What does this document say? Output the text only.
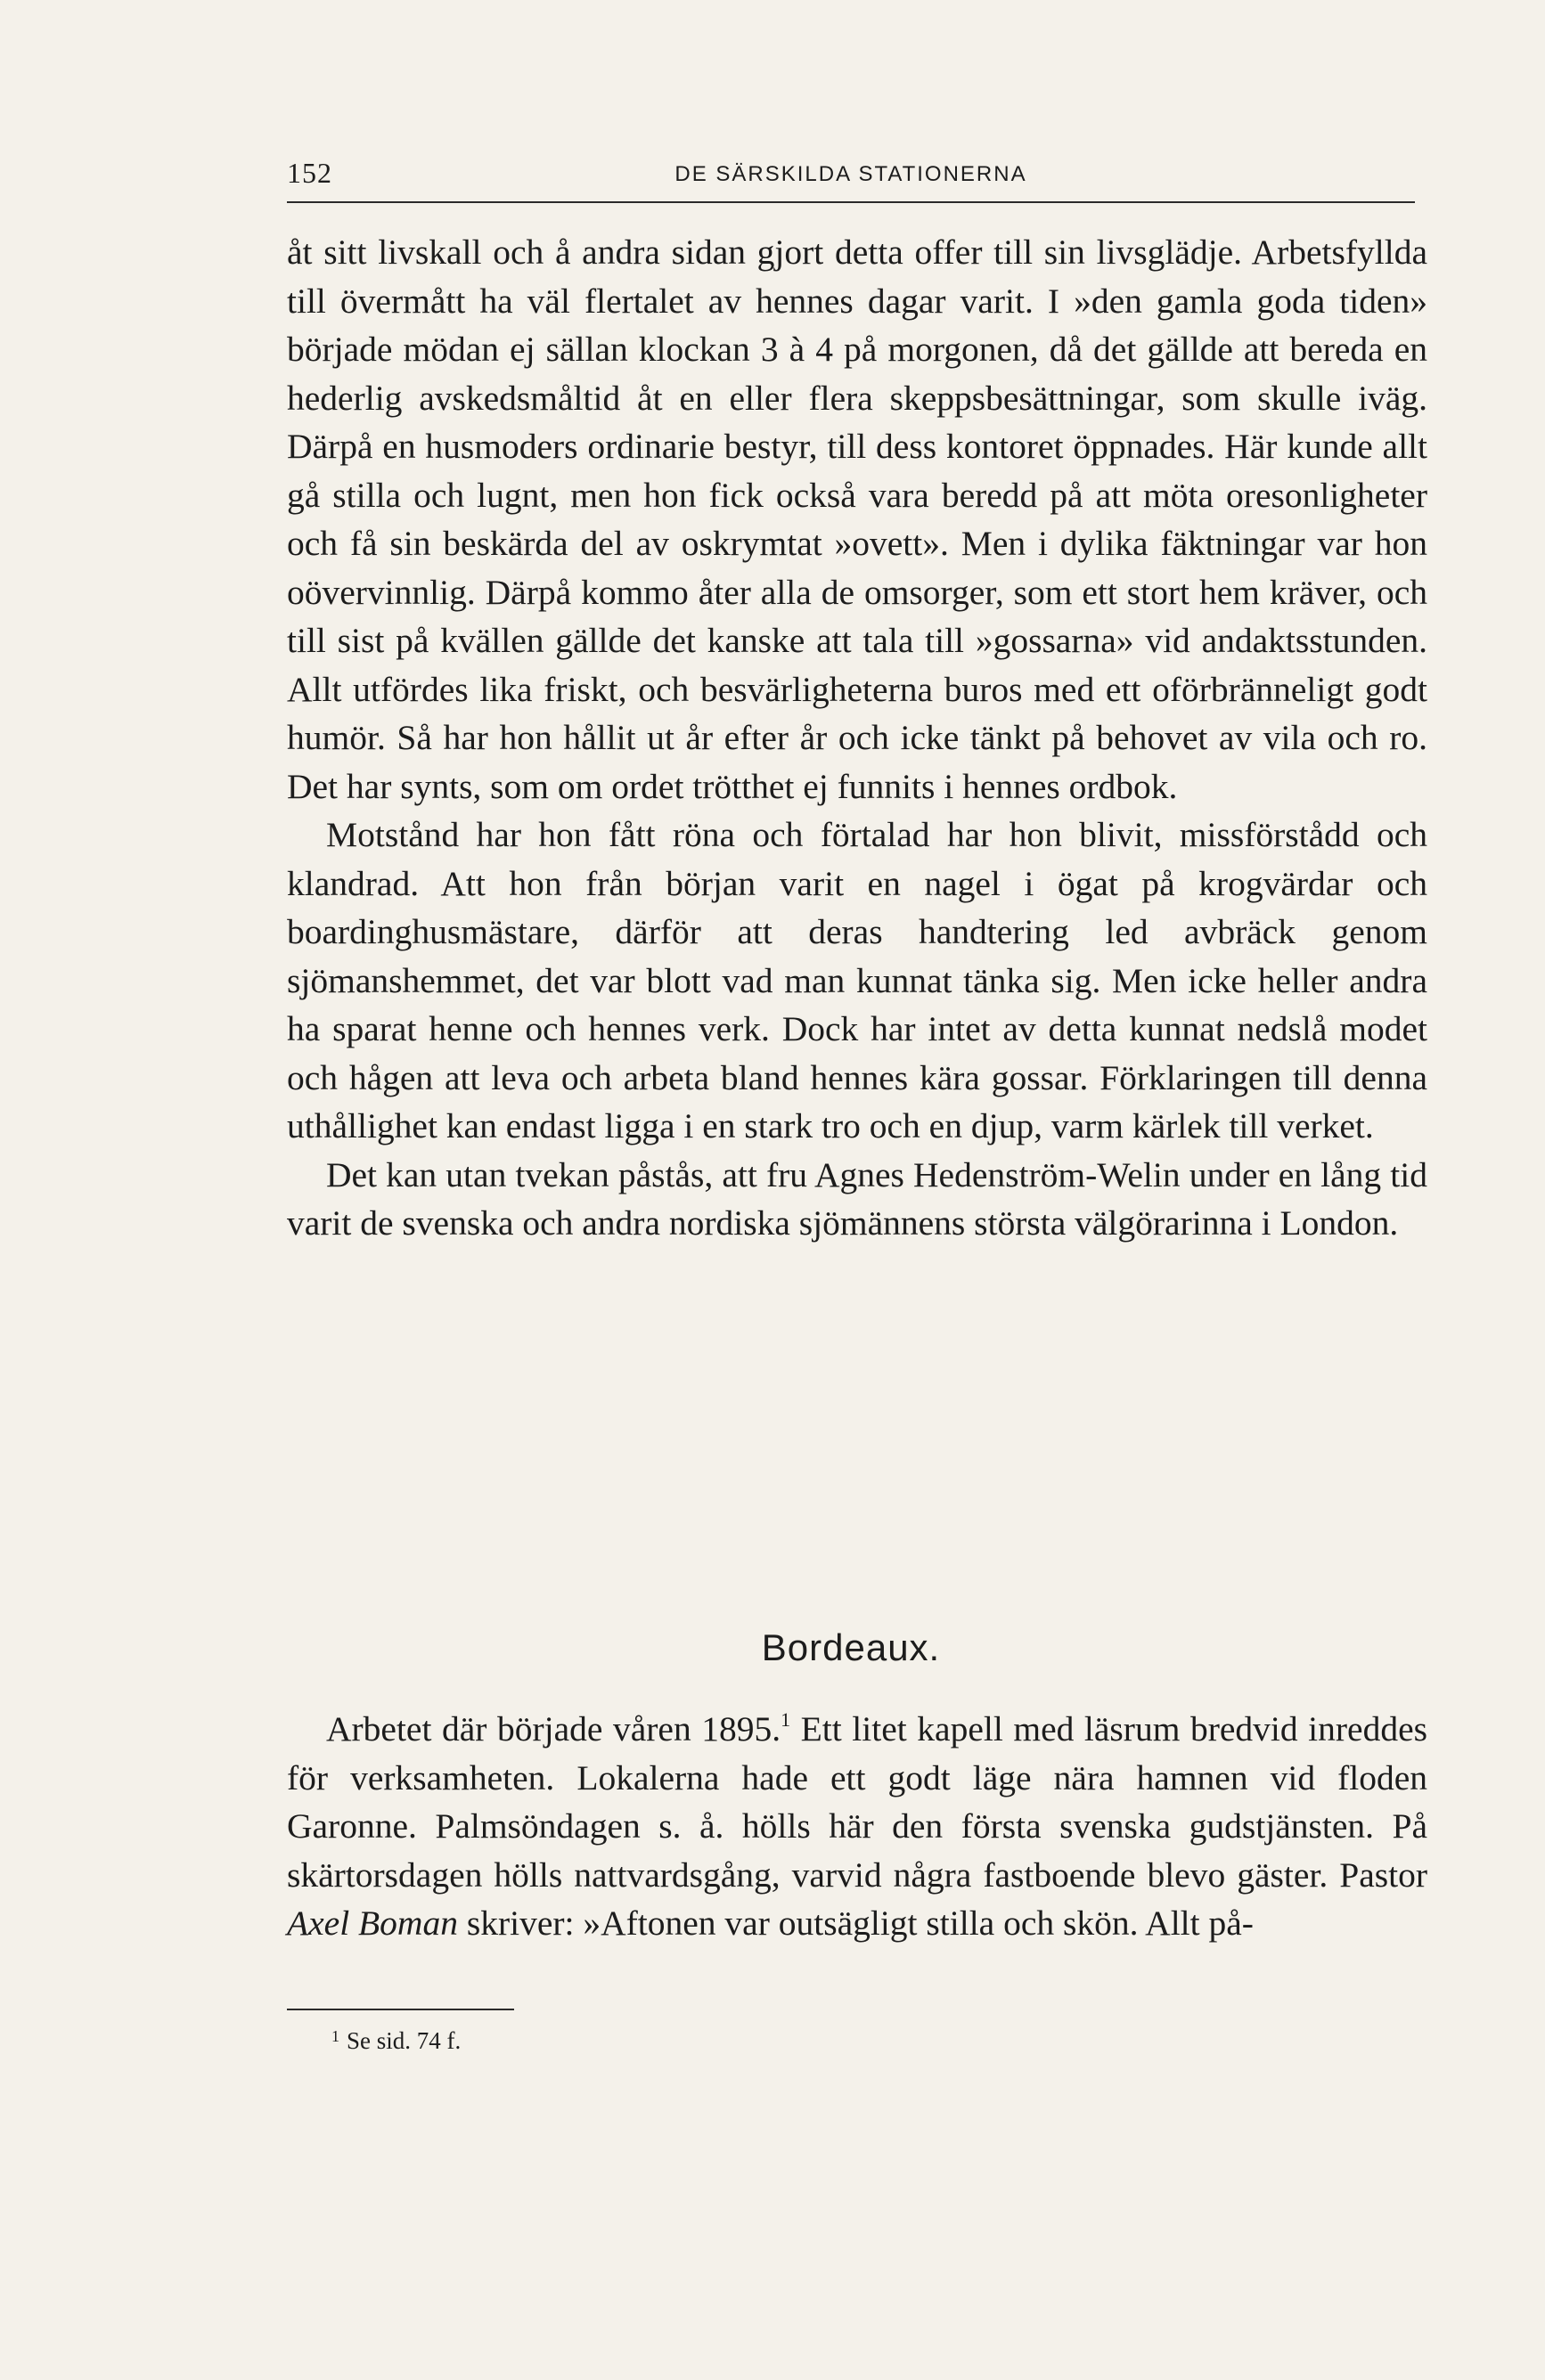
152	DE SÄRSKILDA STATIONERNA

åt sitt livskall och å andra sidan gjort detta offer till sin livsglädje. Arbetsfyllda till övermått ha väl flertalet av hennes dagar varit. I »den gamla goda tiden» började mödan ej sällan klockan 3 à 4 på morgonen, då det gällde att bereda en hederlig avskedsmåltid åt en eller flera skeppsbesättningar, som skulle iväg. Därpå en husmoders ordinarie bestyr, till dess kontoret öppnades. Här kunde allt gå stilla och lugnt, men hon fick också vara beredd på att möta oresonligheter och få sin beskärda del av oskrymtat »ovett». Men i dylika fäktningar var hon oövervinnlig. Därpå kommo åter alla de omsorger, som ett stort hem kräver, och till sist på kvällen gällde det kanske att tala till »gossarna» vid andaktsstunden. Allt utfördes lika friskt, och besvärligheterna buros med ett oförbränneligt godt humör. Så har hon hållit ut år efter år och icke tänkt på behovet av vila och ro. Det har synts, som om ordet trötthet ej funnits i hennes ordbok.

Motstånd har hon fått röna och förtalad har hon blivit, missförstådd och klandrad. Att hon från början varit en nagel i ögat på krogvärdar och boardinghusmästare, därför att deras handtering led avbräck genom sjömanshemmet, det var blott vad man kunnat tänka sig. Men icke heller andra ha sparat henne och hennes verk. Dock har intet av detta kunnat nedslå modet och hågen att leva och arbeta bland hennes kära gossar. Förklaringen till denna uthållighet kan endast ligga i en stark tro och en djup, varm kärlek till verket.

Det kan utan tvekan påstås, att fru Agnes Hedenström-Welin under en lång tid varit de svenska och andra nordiska sjömännens största välgörarinna i London.

Bordeaux.

Arbetet där började våren 1895.$^1$ Ett litet kapell med läsrum bredvid inreddes för verksamheten. Lokalerna hade ett godt läge nära hamnen vid floden Garonne. Palmsöndagen s. å. hölls här den första svenska gudstjänsten. På skärtorsdagen hölls nattvardsgång, varvid några fastboende blevo gäster. Pastor Axel Boman skriver: »Aftonen var outsägligt stilla och skön. Allt på-

$^1$ Se sid. 74 f.
